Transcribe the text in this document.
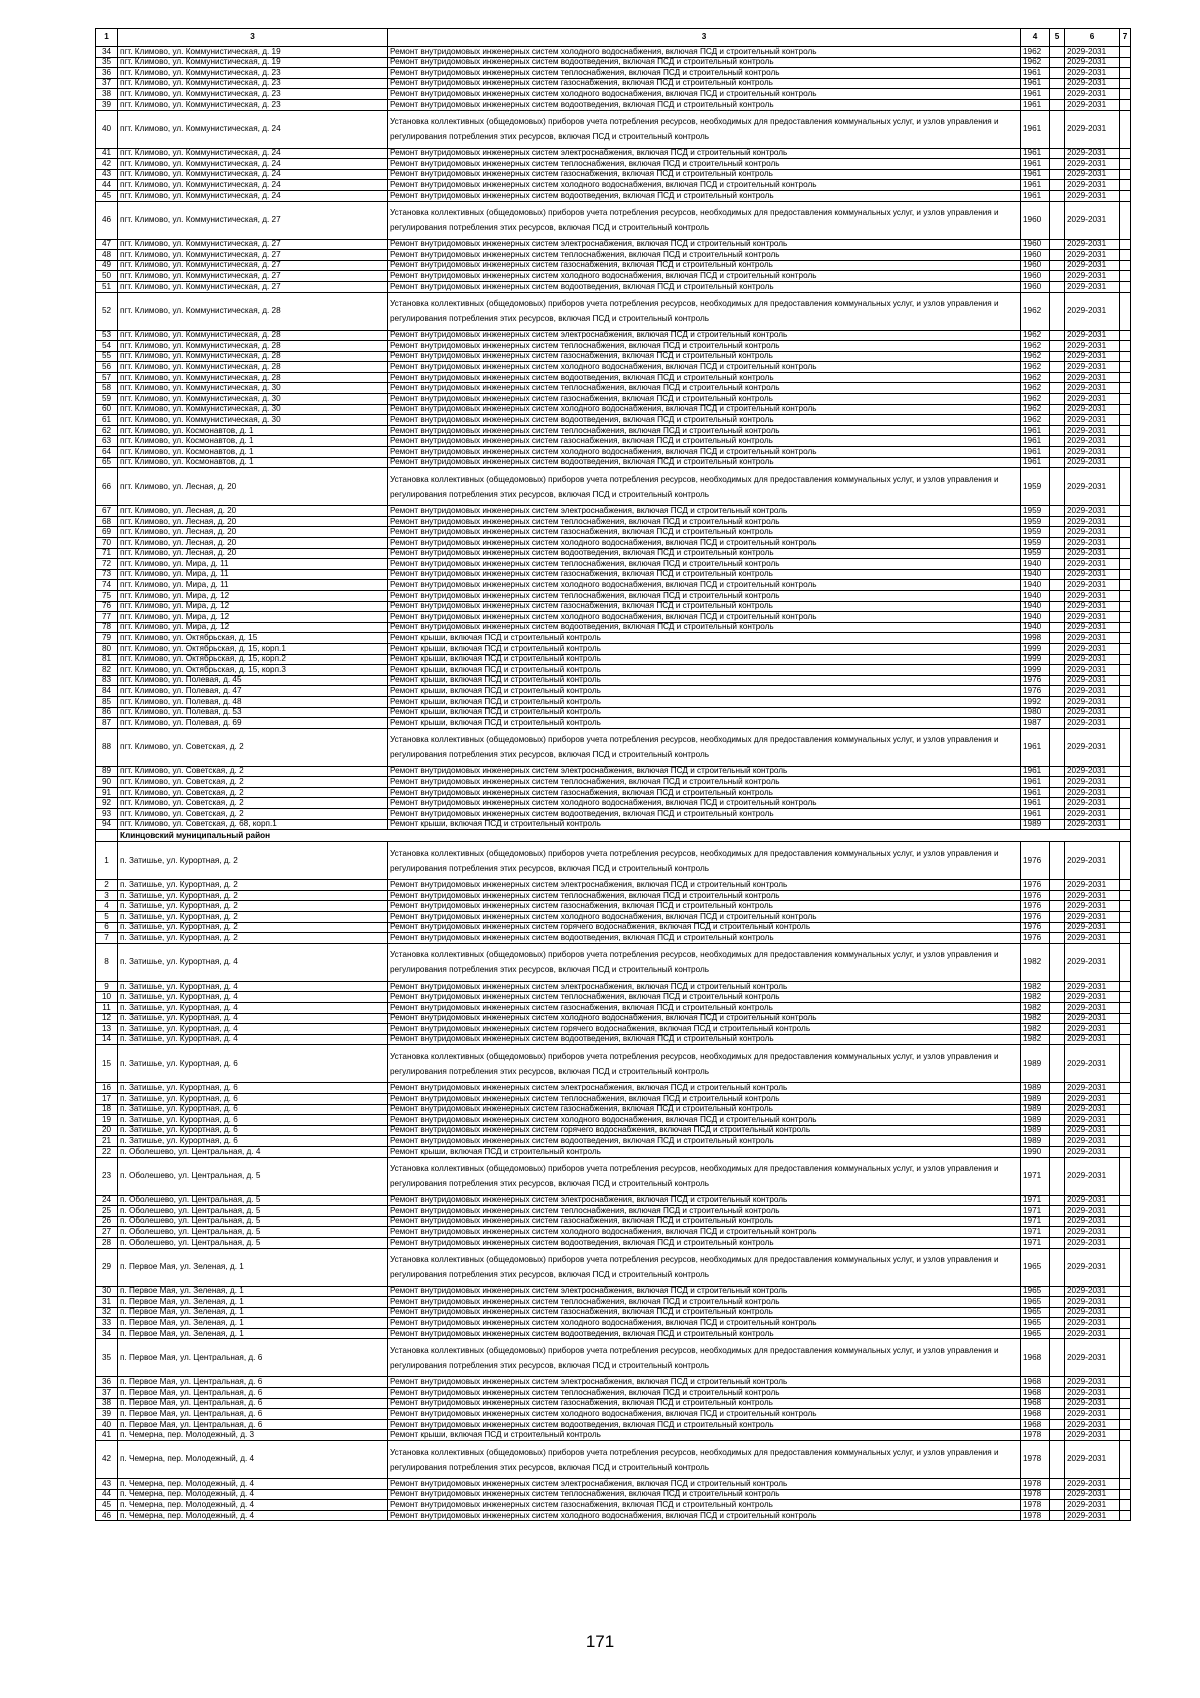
1	3	3	4	5	6	7
34	пгт. Климово, ул. Коммунистическая, д. 19	Ремонт внутридомовых инженерных систем холодного водоснабжения, включая ПСД и строительный контроль	1962		2029-2031	
35	пгт. Климово, ул. Коммунистическая, д. 19	Ремонт внутридомовых инженерных систем водоотведения, включая ПСД и строительный контроль	1962		2029-2031	
36	пгт. Климово, ул. Коммунистическая, д. 23	Ремонт внутридомовых инженерных систем теплоснабжения, включая ПСД и строительный контроль	1961		2029-2031	
37	пгт. Климово, ул. Коммунистическая, д. 23	Ремонт внутридомовых инженерных систем газоснабжения, включая ПСД и строительный контроль	1961		2029-2031	
38	пгт. Климово, ул. Коммунистическая, д. 23	Ремонт внутридомовых инженерных систем холодного водоснабжения, включая ПСД и строительный контроль	1961		2029-2031	
39	пгт. Климово, ул. Коммунистическая, д. 23	Ремонт внутридомовых инженерных систем водоотведения, включая ПСД и строительный контроль	1961		2029-2031	
40	пгт. Климово, ул. Коммунистическая, д. 24	Установка коллективных (общедомовых) приборов учета потребления ресурсов, необходимых для предоставления коммунальных услуг, и узлов управления и регулирования потребления этих ресурсов, включая ПСД и строительный контроль	1961		2029-2031	
41	пгт. Климово, ул. Коммунистическая, д. 24	Ремонт внутридомовых инженерных систем электроснабжения, включая ПСД и строительный контроль	1961		2029-2031	
42	пгт. Климово, ул. Коммунистическая, д. 24	Ремонт внутридомовых инженерных систем теплоснабжения, включая ПСД и строительный контроль	1961		2029-2031	
43	пгт. Климово, ул. Коммунистическая, д. 24	Ремонт внутридомовых инженерных систем газоснабжения, включая ПСД и строительный контроль	1961		2029-2031	
44	пгт. Климово, ул. Коммунистическая, д. 24	Ремонт внутридомовых инженерных систем холодного водоснабжения, включая ПСД и строительный контроль	1961		2029-2031	
45	пгт. Климово, ул. Коммунистическая, д. 24	Ремонт внутридомовых инженерных систем водоотведения, включая ПСД и строительный контроль	1961		2029-2031	
46	пгт. Климово, ул. Коммунистическая, д. 27	Установка коллективных (общедомовых) приборов учета потребления ресурсов, необходимых для предоставления коммунальных услуг, и узлов управления и регулирования потребления этих ресурсов, включая ПСД и строительный контроль	1960		2029-2031	
47	пгт. Климово, ул. Коммунистическая, д. 27	Ремонт внутридомовых инженерных систем электроснабжения, включая ПСД и строительный контроль	1960		2029-2031	
48	пгт. Климово, ул. Коммунистическая, д. 27	Ремонт внутридомовых инженерных систем теплоснабжения, включая ПСД и строительный контроль	1960		2029-2031	
49	пгт. Климово, ул. Коммунистическая, д. 27	Ремонт внутридомовых инженерных систем газоснабжения, включая ПСД и строительный контроль	1960		2029-2031	
50	пгт. Климово, ул. Коммунистическая, д. 27	Ремонт внутридомовых инженерных систем холодного водоснабжения, включая ПСД и строительный контроль	1960		2029-2031	
51	пгт. Климово, ул. Коммунистическая, д. 27	Ремонт внутридомовых инженерных систем водоотведения, включая ПСД и строительный контроль	1960		2029-2031	
52	пгт. Климово, ул. Коммунистическая, д. 28	Установка коллективных (общедомовых) приборов учета потребления ресурсов, необходимых для предоставления коммунальных услуг, и узлов управления и регулирования потребления этих ресурсов, включая ПСД и строительный контроль	1962		2029-2031	
53	пгт. Климово, ул. Коммунистическая, д. 28	Ремонт внутридомовых инженерных систем электроснабжения, включая ПСД и строительный контроль	1962		2029-2031	
54	пгт. Климово, ул. Коммунистическая, д. 28	Ремонт внутридомовых инженерных систем теплоснабжения, включая ПСД и строительный контроль	1962		2029-2031	
55	пгт. Климово, ул. Коммунистическая, д. 28	Ремонт внутридомовых инженерных систем газоснабжения, включая ПСД и строительный контроль	1962		2029-2031	
56	пгт. Климово, ул. Коммунистическая, д. 28	Ремонт внутридомовых инженерных систем холодного водоснабжения, включая ПСД и строительный контроль	1962		2029-2031	
57	пгт. Климово, ул. Коммунистическая, д. 28	Ремонт внутридомовых инженерных систем водоотведения, включая ПСД и строительный контроль	1962		2029-2031	
58	пгт. Климово, ул. Коммунистическая, д. 30	Ремонт внутридомовых инженерных систем теплоснабжения, включая ПСД и строительный контроль	1962		2029-2031	
59	пгт. Климово, ул. Коммунистическая, д. 30	Ремонт внутридомовых инженерных систем газоснабжения, включая ПСД и строительный контроль	1962		2029-2031	
60	пгт. Климово, ул. Коммунистическая, д. 30	Ремонт внутридомовых инженерных систем холодного водоснабжения, включая ПСД и строительный контроль	1962		2029-2031	
61	пгт. Климово, ул. Коммунистическая, д. 30	Ремонт внутридомовых инженерных систем водоотведения, включая ПСД и строительный контроль	1962		2029-2031	
62	пгт. Климово, ул. Космонавтов, д. 1	Ремонт внутридомовых инженерных систем теплоснабжения, включая ПСД и строительный контроль	1961		2029-2031	
63	пгт. Климово, ул. Космонавтов, д. 1	Ремонт внутридомовых инженерных систем газоснабжения, включая ПСД и строительный контроль	1961		2029-2031	
64	пгт. Климово, ул. Космонавтов, д. 1	Ремонт внутридомовых инженерных систем холодного водоснабжения, включая ПСД и строительный контроль	1961		2029-2031	
65	пгт. Климово, ул. Космонавтов, д. 1	Ремонт внутридомовых инженерных систем водоотведения, включая ПСД и строительный контроль	1961		2029-2031	
66	пгт. Климово, ул. Лесная, д. 20	Установка коллективных (общедомовых) приборов учета потребления ресурсов, необходимых для предоставления коммунальных услуг, и узлов управления и регулирования потребления этих ресурсов, включая ПСД и строительный контроль	1959		2029-2031	
67	пгт. Климово, ул. Лесная, д. 20	Ремонт внутридомовых инженерных систем электроснабжения, включая ПСД и строительный контроль	1959		2029-2031	
68	пгт. Климово, ул. Лесная, д. 20	Ремонт внутридомовых инженерных систем теплоснабжения, включая ПСД и строительный контроль	1959		2029-2031	
69	пгт. Климово, ул. Лесная, д. 20	Ремонт внутридомовых инженерных систем газоснабжения, включая ПСД и строительный контроль	1959		2029-2031	
70	пгт. Климово, ул. Лесная, д. 20	Ремонт внутридомовых инженерных систем холодного водоснабжения, включая ПСД и строительный контроль	1959		2029-2031	
71	пгт. Климово, ул. Лесная, д. 20	Ремонт внутридомовых инженерных систем водоотведения, включая ПСД и строительный контроль	1959		2029-2031	
72	пгт. Климово, ул. Мира, д. 11	Ремонт внутридомовых инженерных систем теплоснабжения, включая ПСД и строительный контроль	1940		2029-2031	
73	пгт. Климово, ул. Мира, д. 11	Ремонт внутридомовых инженерных систем газоснабжения, включая ПСД и строительный контроль	1940		2029-2031	
74	пгт. Климово, ул. Мира, д. 11	Ремонт внутридомовых инженерных систем холодного водоснабжения, включая ПСД и строительный контроль	1940		2029-2031	
75	пгт. Климово, ул. Мира, д. 12	Ремонт внутридомовых инженерных систем теплоснабжения, включая ПСД и строительный контроль	1940		2029-2031	
76	пгт. Климово, ул. Мира, д. 12	Ремонт внутридомовых инженерных систем газоснабжения, включая ПСД и строительный контроль	1940		2029-2031	
77	пгт. Климово, ул. Мира, д. 12	Ремонт внутридомовых инженерных систем холодного водоснабжения, включая ПСД и строительный контроль	1940		2029-2031	
78	пгт. Климово, ул. Мира, д. 12	Ремонт внутридомовых инженерных систем водоотведения, включая ПСД и строительный контроль	1940		2029-2031	
79	пгт. Климово, ул. Октябрьская, д. 15	Ремонт крыши, включая ПСД и строительный контроль	1998		2029-2031	
80	пгт. Климово, ул. Октябрьская, д. 15, корп.1	Ремонт крыши, включая ПСД и строительный контроль	1999		2029-2031	
81	пгт. Климово, ул. Октябрьская, д. 15, корп.2	Ремонт крыши, включая ПСД и строительный контроль	1999		2029-2031	
82	пгт. Климово, ул. Октябрьская, д. 15, корп.3	Ремонт крыши, включая ПСД и строительный контроль	1999		2029-2031	
83	пгт. Климово, ул. Полевая, д. 45	Ремонт крыши, включая ПСД и строительный контроль	1976		2029-2031	
84	пгт. Климово, ул. Полевая, д. 47	Ремонт крыши, включая ПСД и строительный контроль	1976		2029-2031	
85	пгт. Климово, ул. Полевая, д. 48	Ремонт крыши, включая ПСД и строительный контроль	1992		2029-2031	
86	пгт. Климово, ул. Полевая, д. 53	Ремонт крыши, включая ПСД и строительный контроль	1980		2029-2031	
87	пгт. Климово, ул. Полевая, д. 69	Ремонт крыши, включая ПСД и строительный контроль	1987		2029-2031	
88	пгт. Климово, ул. Советская, д. 2	Установка коллективных (общедомовых) приборов учета потребления ресурсов, необходимых для предоставления коммунальных услуг, и узлов управления и регулирования потребления этих ресурсов, включая ПСД и строительный контроль	1961		2029-2031	
89	пгт. Климово, ул. Советская, д. 2	Ремонт внутридомовых инженерных систем электроснабжения, включая ПСД и строительный контроль	1961		2029-2031	
90	пгт. Климово, ул. Советская, д. 2	Ремонт внутридомовых инженерных систем теплоснабжения, включая ПСД и строительный контроль	1961		2029-2031	
91	пгт. Климово, ул. Советская, д. 2	Ремонт внутридомовых инженерных систем газоснабжения, включая ПСД и строительный контроль	1961		2029-2031	
92	пгт. Климово, ул. Советская, д. 2	Ремонт внутридомовых инженерных систем холодного водоснабжения, включая ПСД и строительный контроль	1961		2029-2031	
93	пгт. Климово, ул. Советская, д. 2	Ремонт внутридомовых инженерных систем водоотведения, включая ПСД и строительный контроль	1961		2029-2031	
94	пгт. Климово, ул. Советская, д. 68, корп.1	Ремонт крыши, включая ПСД и строительный контроль	1989		2029-2031	
	Клинцовский муниципальный район					
1	п. Затишье, ул. Курортная, д. 2	Установка коллективных (общедомовых) приборов учета потребления ресурсов, необходимых для предоставления коммунальных услуг, и узлов управления и регулирования потребления этих ресурсов, включая ПСД и строительный контроль	1976		2029-2031	
2	п. Затишье, ул. Курортная, д. 2	Ремонт внутридомовых инженерных систем электроснабжения, включая ПСД и строительный контроль	1976		2029-2031	
3	п. Затишье, ул. Курортная, д. 2	Ремонт внутридомовых инженерных систем теплоснабжения, включая ПСД и строительный контроль	1976		2029-2031	
4	п. Затишье, ул. Курортная, д. 2	Ремонт внутридомовых инженерных систем газоснабжения, включая ПСД и строительный контроль	1976		2029-2031	
5	п. Затишье, ул. Курортная, д. 2	Ремонт внутридомовых инженерных систем холодного водоснабжения, включая ПСД и строительный контроль	1976		2029-2031	
6	п. Затишье, ул. Курортная, д. 2	Ремонт внутридомовых инженерных систем горячего водоснабжения, включая ПСД и строительный контроль	1976		2029-2031	
7	п. Затишье, ул. Курортная, д. 2	Ремонт внутридомовых инженерных систем водоотведения, включая ПСД и строительный контроль	1976		2029-2031	
8	п. Затишье, ул. Курортная, д. 4	Установка коллективных (общедомовых) приборов учета потребления ресурсов, необходимых для предоставления коммунальных услуг, и узлов управления и регулирования потребления этих ресурсов, включая ПСД и строительный контроль	1982		2029-2031	
9	п. Затишье, ул. Курортная, д. 4	Ремонт внутридомовых инженерных систем электроснабжения, включая ПСД и строительный контроль	1982		2029-2031	
10	п. Затишье, ул. Курортная, д. 4	Ремонт внутридомовых инженерных систем теплоснабжения, включая ПСД и строительный контроль	1982		2029-2031	
11	п. Затишье, ул. Курортная, д. 4	Ремонт внутридомовых инженерных систем газоснабжения, включая ПСД и строительный контроль	1982		2029-2031	
12	п. Затишье, ул. Курортная, д. 4	Ремонт внутридомовых инженерных систем холодного водоснабжения, включая ПСД и строительный контроль	1982		2029-2031	
13	п. Затишье, ул. Курортная, д. 4	Ремонт внутридомовых инженерных систем горячего водоснабжения, включая ПСД и строительный контроль	1982		2029-2031	
14	п. Затишье, ул. Курортная, д. 4	Ремонт внутридомовых инженерных систем водоотведения, включая ПСД и строительный контроль	1982		2029-2031	
15	п. Затишье, ул. Курортная, д. 6	Установка коллективных (общедомовых) приборов учета потребления ресурсов, необходимых для предоставления коммунальных услуг, и узлов управления и регулирования потребления этих ресурсов, включая ПСД и строительный контроль	1989		2029-2031	
16	п. Затишье, ул. Курортная, д. 6	Ремонт внутридомовых инженерных систем электроснабжения, включая ПСД и строительный контроль	1989		2029-2031	
17	п. Затишье, ул. Курортная, д. 6	Ремонт внутридомовых инженерных систем теплоснабжения, включая ПСД и строительный контроль	1989		2029-2031	
18	п. Затишье, ул. Курортная, д. 6	Ремонт внутридомовых инженерных систем газоснабжения, включая ПСД и строительный контроль	1989		2029-2031	
19	п. Затишье, ул. Курортная, д. 6	Ремонт внутридомовых инженерных систем холодного водоснабжения, включая ПСД и строительный контроль	1989		2029-2031	
20	п. Затишье, ул. Курортная, д. 6	Ремонт внутридомовых инженерных систем горячего водоснабжения, включая ПСД и строительный контроль	1989		2029-2031	
21	п. Затишье, ул. Курортная, д. 6	Ремонт внутридомовых инженерных систем водоотведения, включая ПСД и строительный контроль	1989		2029-2031	
22	п. Оболешево, ул. Центральная, д. 4	Ремонт крыши, включая ПСД и строительный контроль	1990		2029-2031	
23	п. Оболешево, ул. Центральная, д. 5	Установка коллективных (общедомовых) приборов учета потребления ресурсов, необходимых для предоставления коммунальных услуг, и узлов управления и регулирования потребления этих ресурсов, включая ПСД и строительный контроль	1971		2029-2031	
24	п. Оболешево, ул. Центральная, д. 5	Ремонт внутридомовых инженерных систем электроснабжения, включая ПСД и строительный контроль	1971		2029-2031	
25	п. Оболешево, ул. Центральная, д. 5	Ремонт внутридомовых инженерных систем теплоснабжения, включая ПСД и строительный контроль	1971		2029-2031	
26	п. Оболешево, ул. Центральная, д. 5	Ремонт внутридомовых инженерных систем газоснабжения, включая ПСД и строительный контроль	1971		2029-2031	
27	п. Оболешево, ул. Центральная, д. 5	Ремонт внутридомовых инженерных систем холодного водоснабжения, включая ПСД и строительный контроль	1971		2029-2031	
28	п. Оболешево, ул. Центральная, д. 5	Ремонт внутридомовых инженерных систем водоотведения, включая ПСД и строительный контроль	1971		2029-2031	
29	п. Первое Мая, ул. Зеленая, д. 1	Установка коллективных (общедомовых) приборов учета потребления ресурсов, необходимых для предоставления коммунальных услуг, и узлов управления и регулирования потребления этих ресурсов, включая ПСД и строительный контроль	1965		2029-2031	
30	п. Первое Мая, ул. Зеленая, д. 1	Ремонт внутридомовых инженерных систем электроснабжения, включая ПСД и строительный контроль	1965		2029-2031	
31	п. Первое Мая, ул. Зеленая, д. 1	Ремонт внутридомовых инженерных систем теплоснабжения, включая ПСД и строительный контроль	1965		2029-2031	
32	п. Первое Мая, ул. Зеленая, д. 1	Ремонт внутридомовых инженерных систем газоснабжения, включая ПСД и строительный контроль	1965		2029-2031	
33	п. Первое Мая, ул. Зеленая, д. 1	Ремонт внутридомовых инженерных систем холодного водоснабжения, включая ПСД и строительный контроль	1965		2029-2031	
34	п. Первое Мая, ул. Зеленая, д. 1	Ремонт внутридомовых инженерных систем водоотведения, включая ПСД и строительный контроль	1965		2029-2031	
35	п. Первое Мая, ул. Центральная, д. 6	Установка коллективных (общедомовых) приборов учета потребления ресурсов, необходимых для предоставления коммунальных услуг, и узлов управления и регулирования потребления этих ресурсов, включая ПСД и строительный контроль	1968		2029-2031	
36	п. Первое Мая, ул. Центральная, д. 6	Ремонт внутридомовых инженерных систем электроснабжения, включая ПСД и строительный контроль	1968		2029-2031	
37	п. Первое Мая, ул. Центральная, д. 6	Ремонт внутридомовых инженерных систем теплоснабжения, включая ПСД и строительный контроль	1968		2029-2031	
38	п. Первое Мая, ул. Центральная, д. 6	Ремонт внутридомовых инженерных систем газоснабжения, включая ПСД и строительный контроль	1968		2029-2031	
39	п. Первое Мая, ул. Центральная, д. 6	Ремонт внутридомовых инженерных систем холодного водоснабжения, включая ПСД и строительный контроль	1968		2029-2031	
40	п. Первое Мая, ул. Центральная, д. 6	Ремонт внутридомовых инженерных систем водоотведения, включая ПСД и строительный контроль	1968		2029-2031	
41	п. Чемерна, пер. Молодежный, д. 3	Ремонт крыши, включая ПСД и строительный контроль	1978		2029-2031	
42	п. Чемерна, пер. Молодежный, д. 4	Установка коллективных (общедомовых) приборов учета потребления ресурсов, необходимых для предоставления коммунальных услуг, и узлов управления и регулирования потребления этих ресурсов, включая ПСД и строительный контроль	1978		2029-2031	
43	п. Чемерна, пер. Молодежный, д. 4	Ремонт внутридомовых инженерных систем электроснабжения, включая ПСД и строительный контроль	1978		2029-2031	
44	п. Чемерна, пер. Молодежный, д. 4	Ремонт внутридомовых инженерных систем теплоснабжения, включая ПСД и строительный контроль	1978		2029-2031	
45	п. Чемерна, пер. Молодежный, д. 4	Ремонт внутридомовых инженерных систем газоснабжения, включая ПСД и строительный контроль	1978		2029-2031	
46	п. Чемерна, пер. Молодежный, д. 4	Ремонт внутридомовых инженерных систем холодного водоснабжения, включая ПСД и строительный контроль	1978		2029-2031	
171
